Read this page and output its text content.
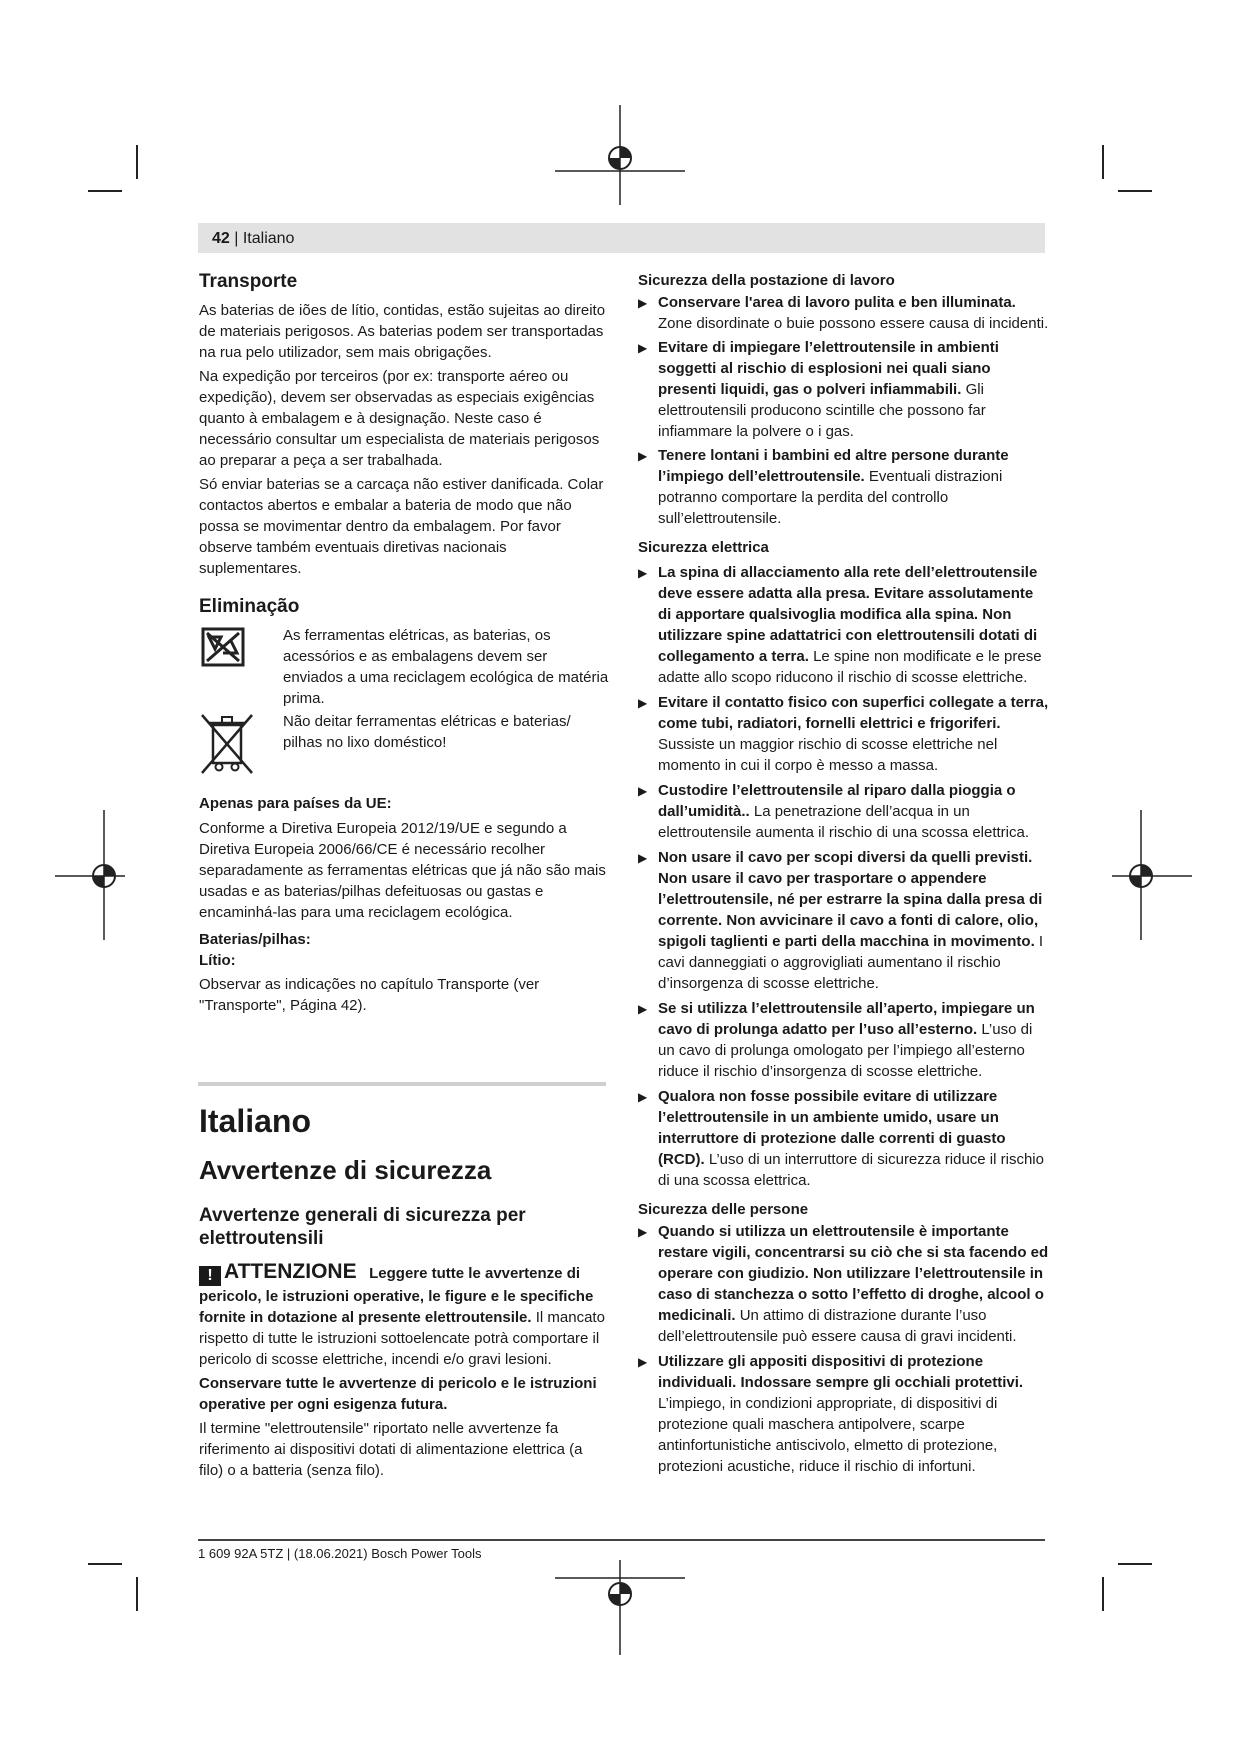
42 | Italiano

Transporte

As baterias de iões de lítio, contidas, estão sujeitas ao direito de materiais perigosos. As baterias podem ser transportadas na rua pelo utilizador, sem mais obrigações.

Na expedição por terceiros (por ex: transporte aéreo ou expedição), devem ser observadas as especiais exigências quanto à embalagem e à designação. Neste caso é necessário consultar um especialista de materiais perigosos ao preparar a peça a ser trabalhada.

Só enviar baterias se a carcaça não estiver danificada. Colar contactos abertos e embalar a bateria de modo que não possa se movimentar dentro da embalagem. Por favor observe também eventuais diretivas nacionais suplementares.

Eliminação

As ferramentas elétricas, as baterias, os acessórios e as embalagens devem ser enviados a uma reciclagem ecológica de matéria prima.

Não deitar ferramentas elétricas e baterias/ pilhas no lixo doméstico!

Apenas para países da UE:

Conforme a Diretiva Europeia 2012/19/UE e segundo a Diretiva Europeia 2006/66/CE é necessário recolher separadamente as ferramentas elétricas que já não são mais usadas e as baterias/pilhas defeituosas ou gastas e encaminhá-las para uma reciclagem ecológica.

Baterias/pilhas:

Lítio:

Observar as indicações no capítulo Transporte (ver "Transporte", Página 42).

Italiano

Avvertenze di sicurezza

Avvertenze generali di sicurezza per elettroutensili

! ATTENZIONE Leggere tutte le avvertenze di pericolo, le istruzioni operative, le figure e le specifiche fornite in dotazione al presente elettroutensile. Il mancato rispetto di tutte le istruzioni sottoelencate potrà comportare il pericolo di scosse elettriche, incendi e/o gravi lesioni.

Conservare tutte le avvertenze di pericolo e le istruzioni operative per ogni esigenza futura.

Il termine "elettroutensile" riportato nelle avvertenze fa riferimento ai dispositivi dotati di alimentazione elettrica (a filo) o a batteria (senza filo).

Sicurezza della postazione di lavoro

▶ Conservare l'area di lavoro pulita e ben illuminata. Zone disordinate o buie possono essere causa di incidenti.

▶ Evitare di impiegare l’elettroutensile in ambienti soggetti al rischio di esplosioni nei quali siano presenti liquidi, gas o polveri infiammabili. Gli elettroutensili producono scintille che possono far infiammare la polvere o i gas.

▶ Tenere lontani i bambini ed altre persone durante l’impiego dell’elettroutensile. Eventuali distrazioni potranno comportare la perdita del controllo sull’elettroutensile.

Sicurezza elettrica

▶ La spina di allacciamento alla rete dell’elettroutensile deve essere adatta alla presa. Evitare assolutamente di apportare qualsivoglia modifica alla spina. Non utilizzare spine adattatrici con elettroutensili dotati di collegamento a terra. Le spine non modificate e le prese adatte allo scopo riducono il rischio di scosse elettriche.

▶ Evitare il contatto fisico con superfici collegate a terra, come tubi, radiatori, fornelli elettrici e frigoriferi. Sussiste un maggior rischio di scosse elettriche nel momento in cui il corpo è messo a massa.

▶ Custodire l’elettroutensile al riparo dalla pioggia o dall’umidità.. La penetrazione dell’acqua in un elettroutensile aumenta il rischio di una scossa elettrica.

▶ Non usare il cavo per scopi diversi da quelli previsti. Non usare il cavo per trasportare o appendere l’elettroutensile, né per estrarre la spina dalla presa di corrente. Non avvicinare il cavo a fonti di calore, olio, spigoli taglienti e parti della macchina in movimento. I cavi danneggiati o aggrovigliati aumentano il rischio d’insorgenza di scosse elettriche.

▶ Se si utilizza l’elettroutensile all’aperto, impiegare un cavo di prolunga adatto per l’uso all’esterno. L’uso di un cavo di prolunga omologato per l’impiego all’esterno riduce il rischio d’insorgenza di scosse elettriche.

▶ Qualora non fosse possibile evitare di utilizzare l’elettroutensile in un ambiente umido, usare un interruttore di protezione dalle correnti di guasto (RCD). L’uso di un interruttore di sicurezza riduce il rischio di una scossa elettrica.

Sicurezza delle persone

▶ Quando si utilizza un elettroutensile è importante restare vigili, concentrarsi su ciò che si sta facendo ed operare con giudizio. Non utilizzare l’elettroutensile in caso di stanchezza o sotto l’effetto di droghe, alcool o medicinali. Un attimo di distrazione durante l’uso dell’elettroutensile può essere causa di gravi incidenti.

▶ Utilizzare gli appositi dispositivi di protezione individuali. Indossare sempre gli occhiali protettivi. L’impiego, in condizioni appropriate, di dispositivi di protezione quali maschera antipolvere, scarpe antinfortunistiche antiscivolo, elmetto di protezione, protezioni acustiche, riduce il rischio di infortuni.

1 609 92A 5TZ | (18.06.2021) Bosch Power Tools
